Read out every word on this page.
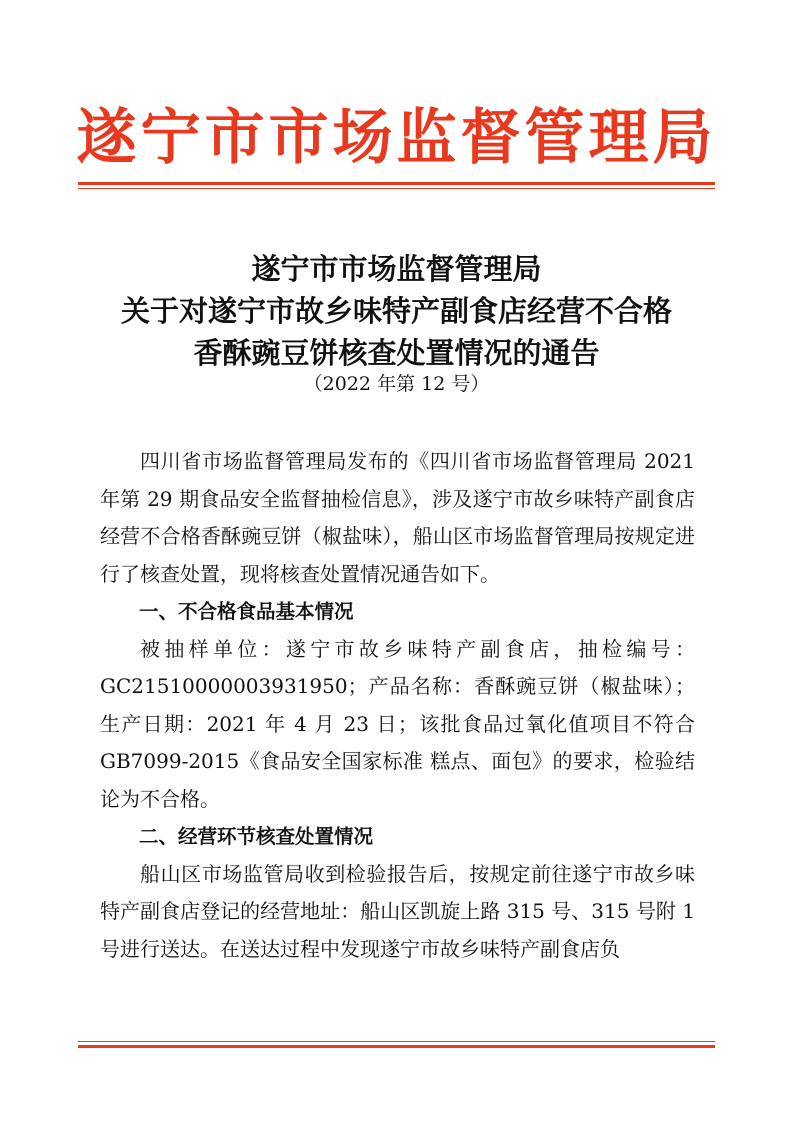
遂宁市市场监督管理局
遂宁市市场监督管理局
关于对遂宁市故乡味特产副食店经营不合格
香酥豌豆饼核查处置情况的通告
（2022 年第 12 号）

四川省市场监督管理局发布的《四川省市场监督管理局 2021 年第 29 期食品安全监督抽检信息》，涉及遂宁市故乡味特产副食店经营不合格香酥豌豆饼（椒盐味），船山区市场监督管理局按规定进行了核查处置，现将核查处置情况通告如下。

一、不合格食品基本情况

被抽样单位：遂宁市故乡味特产副食店，抽检编号：GC21510000003931950；产品名称：香酥豌豆饼（椒盐味）；生产日期：2021 年 4 月 23 日；该批食品过氧化值项目不符合 GB7099-2015《食品安全国家标准 糕点、面包》的要求，检验结论为不合格。

二、经营环节核查处置情况

船山区市场监管局收到检验报告后，按规定前往遂宁市故乡味特产副食店登记的经营地址：船山区凯旋上路 315 号、315 号附 1 号进行送达。在送达过程中发现遂宁市故乡味特产副食店负
